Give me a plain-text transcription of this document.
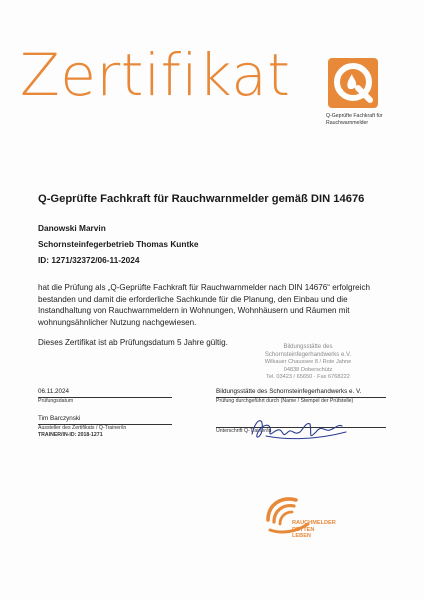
Zertifikat
Q-Geprüfte Fachkraft für
Rauchwarnmelder
Q-Geprüfte Fachkraft für Rauchwarnmelder gemäß DIN 14676
Danowski Marvin
Schornsteinfegerbetrieb Thomas Kuntke
ID: 1271/32372/06-11-2024
hat die Prüfung als „Q-Geprüfte Fachkraft für Rauchwarnmelder nach DIN 14676“ erfolgreich bestanden und damit die erforderliche Sachkunde für die Planung, den Einbau und die Instandhaltung von Rauchwarnmeldern in Wohnungen, Wohnhäusern und Räumen mit wohnungsähnlicher Nutzung nachgewiesen.
Dieses Zertifikat ist ab Prüfungsdatum 5 Jahre gültig.	Bildungsstätte des
Schornsteinfegerhandwerks e.V.
Wilkauer Chaussee 8 / Rote Jahne
04838 Doberschütz
Tel. 03423 / 65650 · Fax 6768222
06.11.2024
Prüfungsdatum
Tim Barczynski
Aussteller des Zertifikats / Q-Trainer/in
TRAINER/IN-ID: 2018-1271
Bildungsstätte des Schornsteinfegerhandwerks e. V.
Prüfung durchgeführt durch (Name / Stempel der Prüfstelle)
Unterschrift Q-Trainer/in
RAUCHMELDER
RETTEN
LEBEN
